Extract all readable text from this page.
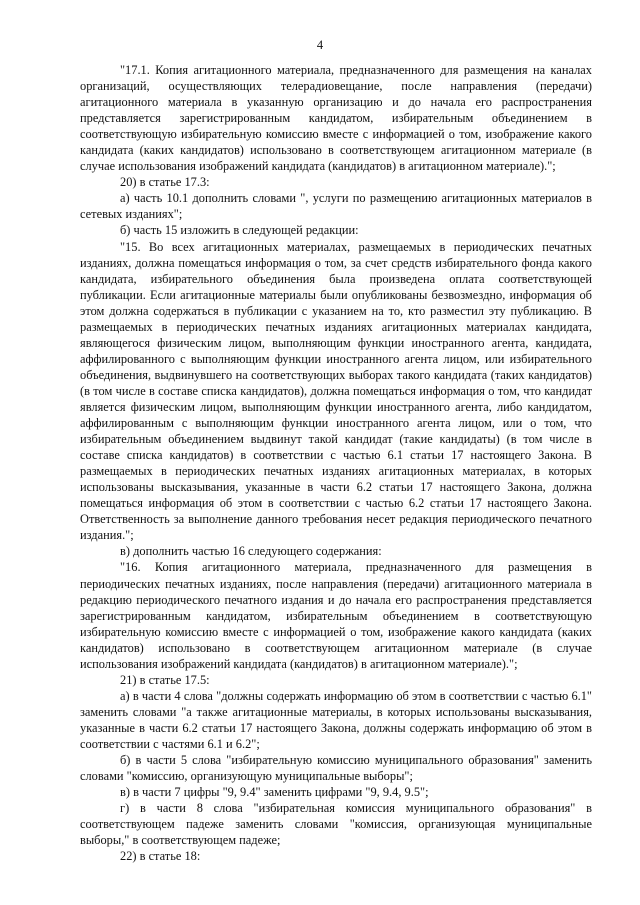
4

"17.1. Копия агитационного материала, предназначенного для размещения на каналах организаций, осуществляющих телерадиовещание, после направления (передачи) агитационного материала в указанную организацию и до начала его распространения представляется зарегистрированным кандидатом, избирательным объединением в соответствующую избирательную комиссию вместе с информацией о том, изображение какого кандидата (каких кандидатов) использовано в соответствующем агитационном материале (в случае использования изображений кандидата (кандидатов) в агитационном материале).";

20) в статье 17.3:

а) часть 10.1 дополнить словами ", услуги по размещению агитационных материалов в сетевых изданиях";

б) часть 15 изложить в следующей редакции:

"15. Во всех агитационных материалах, размещаемых в периодических печатных изданиях, должна помещаться информация о том, за счет средств избирательного фонда какого кандидата, избирательного объединения была произведена оплата соответствующей публикации. Если агитационные материалы были опубликованы безвозмездно, информация об этом должна содержаться в публикации с указанием на то, кто разместил эту публикацию. В размещаемых в периодических печатных изданиях агитационных материалах кандидата, являющегося физическим лицом, выполняющим функции иностранного агента, кандидата, аффилированного с выполняющим функции иностранного агента лицом, или избирательного объединения, выдвинувшего на соответствующих выборах такого кандидата (таких кандидатов) (в том числе в составе списка кандидатов), должна помещаться информация о том, что кандидат является физическим лицом, выполняющим функции иностранного агента, либо кандидатом, аффилированным с выполняющим функции иностранного агента лицом, или о том, что избирательным объединением выдвинут такой кандидат (такие кандидаты) (в том числе в составе списка кандидатов) в соответствии с частью 6.1 статьи 17 настоящего Закона. В размещаемых в периодических печатных изданиях агитационных материалах, в которых использованы высказывания, указанные в части 6.2 статьи 17 настоящего Закона, должна помещаться информация об этом в соответствии с частью 6.2 статьи 17 настоящего Закона. Ответственность за выполнение данного требования несет редакция периодического печатного издания.";

в) дополнить частью 16 следующего содержания:

"16. Копия агитационного материала, предназначенного для размещения в периодических печатных изданиях, после направления (передачи) агитационного материала в редакцию периодического печатного издания и до начала его распространения представляется зарегистрированным кандидатом, избирательным объединением в соответствующую избирательную комиссию вместе с информацией о том, изображение какого кандидата (каких кандидатов) использовано в соответствующем агитационном материале (в случае использования изображений кандидата (кандидатов) в агитационном материале).";

21) в статье 17.5:

а) в части 4 слова "должны содержать информацию об этом в соответствии с частью 6.1" заменить словами "а также агитационные материалы, в которых использованы высказывания, указанные в части 6.2 статьи 17 настоящего Закона, должны содержать информацию об этом в соответствии с частями 6.1 и 6.2";

б) в части 5 слова "избирательную комиссию муниципального образования" заменить словами "комиссию, организующую муниципальные выборы";

в) в части 7 цифры "9, 9.4" заменить цифрами "9, 9.4, 9.5";

г) в части 8 слова "избирательная комиссия муниципального образования" в соответствующем падеже заменить словами "комиссия, организующая муниципальные выборы," в соответствующем падеже;

22) в статье 18:
